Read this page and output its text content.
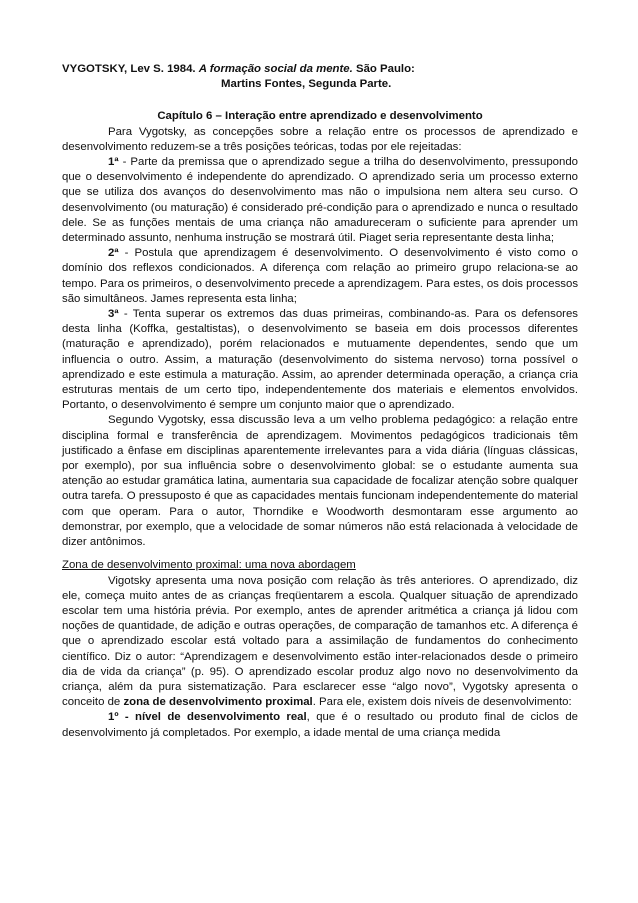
VYGOTSKY, Lev S. 1984. A formação social da mente. São Paulo:
Martins Fontes, Segunda Parte.
Capítulo 6 – Interação entre aprendizado e desenvolvimento

Para Vygotsky, as concepções sobre a relação entre os processos de aprendizado e desenvolvimento reduzem-se a três posições teóricas, todas por ele rejeitadas:

1ª - Parte da premissa que o aprendizado segue a trilha do desenvolvimento, pressupondo que o desenvolvimento é independente do aprendizado. O aprendizado seria um processo externo que se utiliza dos avanços do desenvolvimento mas não o impulsiona nem altera seu curso. O desenvolvimento (ou maturação) é considerado pré-condição para o aprendizado e nunca o resultado dele. Se as funções mentais de uma criança não amadureceram o suficiente para aprender um determinado assunto, nenhuma instrução se mostrará útil. Piaget seria representante desta linha;

2ª - Postula que aprendizagem é desenvolvimento. O desenvolvimento é visto como o domínio dos reflexos condicionados. A diferença com relação ao primeiro grupo relaciona-se ao tempo. Para os primeiros, o desenvolvimento precede a aprendizagem. Para estes, os dois processos são simultâneos. James representa esta linha;

3ª - Tenta superar os extremos das duas primeiras, combinando-as. Para os defensores desta linha (Koffka, gestaltistas), o desenvolvimento se baseia em dois processos diferentes (maturação e aprendizado), porém relacionados e mutuamente dependentes, sendo que um influencia o outro. Assim, a maturação (desenvolvimento do sistema nervoso) torna possível o aprendizado e este estimula a maturação. Assim, ao aprender determinada operação, a criança cria estruturas mentais de um certo tipo, independentemente dos materiais e elementos envolvidos. Portanto, o desenvolvimento é sempre um conjunto maior que o aprendizado.

Segundo Vygotsky, essa discussão leva a um velho problema pedagógico: a relação entre disciplina formal e transferência de aprendizagem. Movimentos pedagógicos tradicionais têm justificado a ênfase em disciplinas aparentemente irrelevantes para a vida diária (línguas clássicas, por exemplo), por sua influência sobre o desenvolvimento global: se o estudante aumenta sua atenção ao estudar gramática latina, aumentaria sua capacidade de focalizar atenção sobre qualquer outra tarefa. O pressuposto é que as capacidades mentais funcionam independentemente do material com que operam. Para o autor, Thorndike e Woodworth desmontaram esse argumento ao demonstrar, por exemplo, que a velocidade de somar números não está relacionada à velocidade de dizer antônimos.

Zona de desenvolvimento proximal: uma nova abordagem

Vigotsky apresenta uma nova posição com relação às três anteriores. O aprendizado, diz ele, começa muito antes de as crianças freqüentarem a escola. Qualquer situação de aprendizado escolar tem uma história prévia. Por exemplo, antes de aprender aritmética a criança já lidou com noções de quantidade, de adição e outras operações, de comparação de tamanhos etc. A diferença é que o aprendizado escolar está voltado para a assimilação de fundamentos do conhecimento científico. Diz o autor: “Aprendizagem e desenvolvimento estão inter-relacionados desde o primeiro dia de vida da criança” (p. 95). O aprendizado escolar produz algo novo no desenvolvimento da criança, além da pura sistematização. Para esclarecer esse “algo novo”, Vygotsky apresenta o conceito de zona de desenvolvimento proximal. Para ele, existem dois níveis de desenvolvimento:

1º - nível de desenvolvimento real, que é o resultado ou produto final de ciclos de desenvolvimento já completados. Por exemplo, a idade mental de uma criança medida
